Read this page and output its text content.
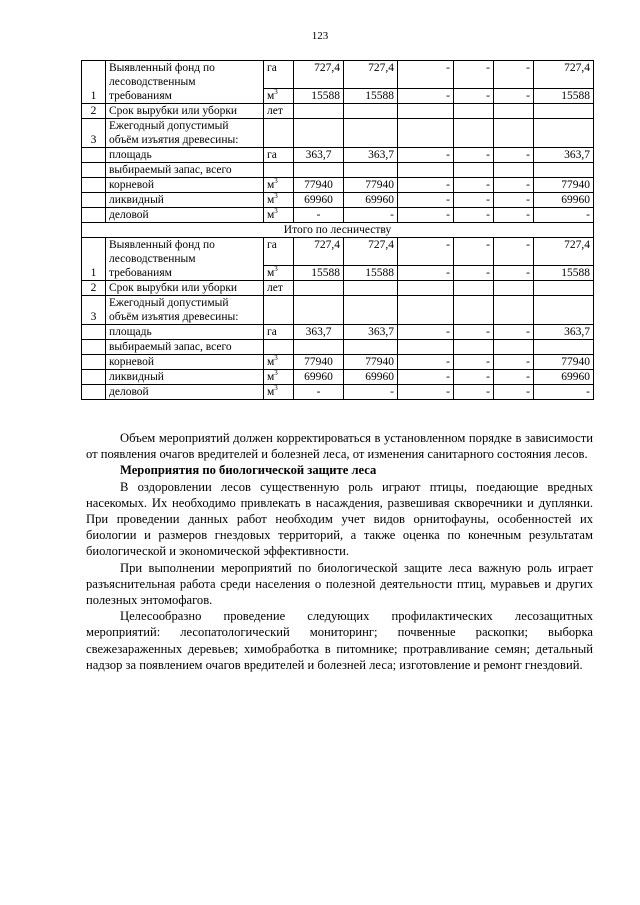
123
1	Выявленный фонд по
лесоводственным
требованиям	га	727,4	727,4	-	-	-	727,4
		$м^3$	15588	15588	-	-	-	15588
2	Срок вырубки или уборки	лет						
3	Ежегодный допустимый
объём изъятия древесины:							

	площадь	га	363,7	363,7	-	-	-	363,7
	выбираемый запас, всего							
	корневой	$м^3$	77940	77940	-	-	-	77940
	ликвидный	$м^3$	69960	69960	-	-	-	69960
	деловой	$м^3$	-	-	-	-	-	-
Итого по лесничеству								
1	Выявленный фонд по
лесоводственным
требованиям	га	727,4	727,4	-	-	-	727,4
		$м^3$	15588	15588	-	-	-	15588
2	Срок вырубки или уборки	лет						
3	Ежегодный допустимый
объём изъятия древесины:							

	площадь	га	363,7	363,7	-	-	-	363,7
	выбираемый запас, всего							
	корневой	$м^3$	77940	77940	-	-	-	77940
	ликвидный	$м^3$	69960	69960	-	-	-	69960
	деловой	$м^3$	-	-	-	-	-	-

Объем мероприятий должен корректироваться в установленном порядке в зависимости от появления очагов вредителей и болезней леса, от изменения санитарного состояния лесов.

Мероприятия по биологической защите леса

В оздоровлении лесов существенную роль играют птицы, поедающие вредных насекомых. Их необходимо привлекать в насаждения, развешивая скворечники и дуплянки. При проведении данных работ необходим учет видов орнитофауны, особенностей их биологии и размеров гнездовых территорий, а также оценка по конечным результатам биологической и экономической эффективности.

При выполнении мероприятий по биологической защите леса важную роль играет разъяснительная работа среди населения о полезной деятельности птиц, муравьев и других полезных энтомофагов.

Целесообразно проведение следующих профилактических лесозащитных мероприятий: лесопатологический мониторинг; почвенные раскопки; выборка свежезараженных деревьев; химобработка в питомнике; протравливание семян; детальный надзор за появлением очагов вредителей и болезней леса; изготовление и ремонт гнездовий.
